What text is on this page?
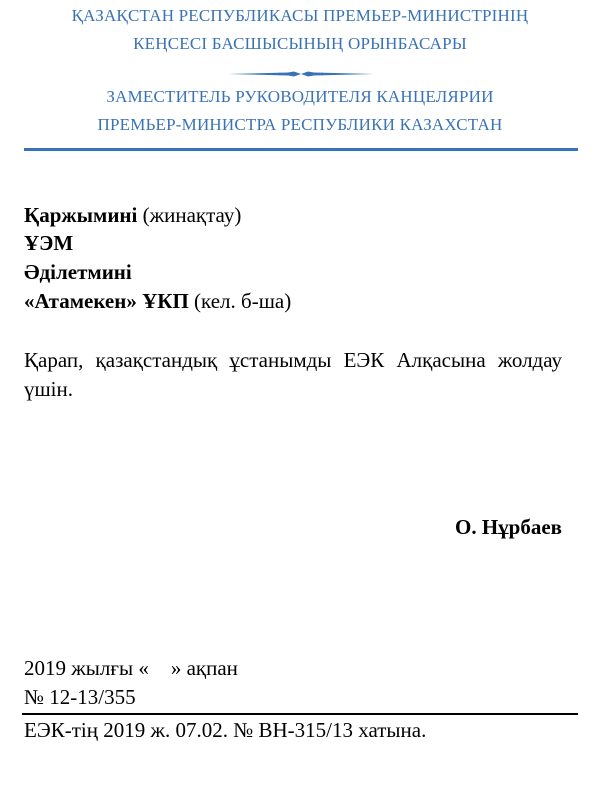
ҚАЗАҚСТАН РЕСПУБЛИКАСЫ ПРЕМЬЕР-МИНИСТРІНІҢ
КЕҢСЕСІ БАСШЫСЫНЫҢ ОРЫНБАСАРЫ
ЗАМЕСТИТЕЛЬ РУКОВОДИТЕЛЯ КАНЦЕЛЯРИИ
ПРЕМЬЕР-МИНИСТРА РЕСПУБЛИКИ КАЗАХСТАН
Қаржымині (жинақтау)
ҰЭМ
Әділетмині
«Атамекен» ҰКП (кел. б-ша)
Қарап, қазақстандық ұстанымды ЕЭК Алқасына жолдау үшін.
О. Нұрбаев
2019 жылғы « » ақпан
№ 12-13/355
ЕЭК-тің 2019 ж. 07.02. № ВН-315/13 хатына.
